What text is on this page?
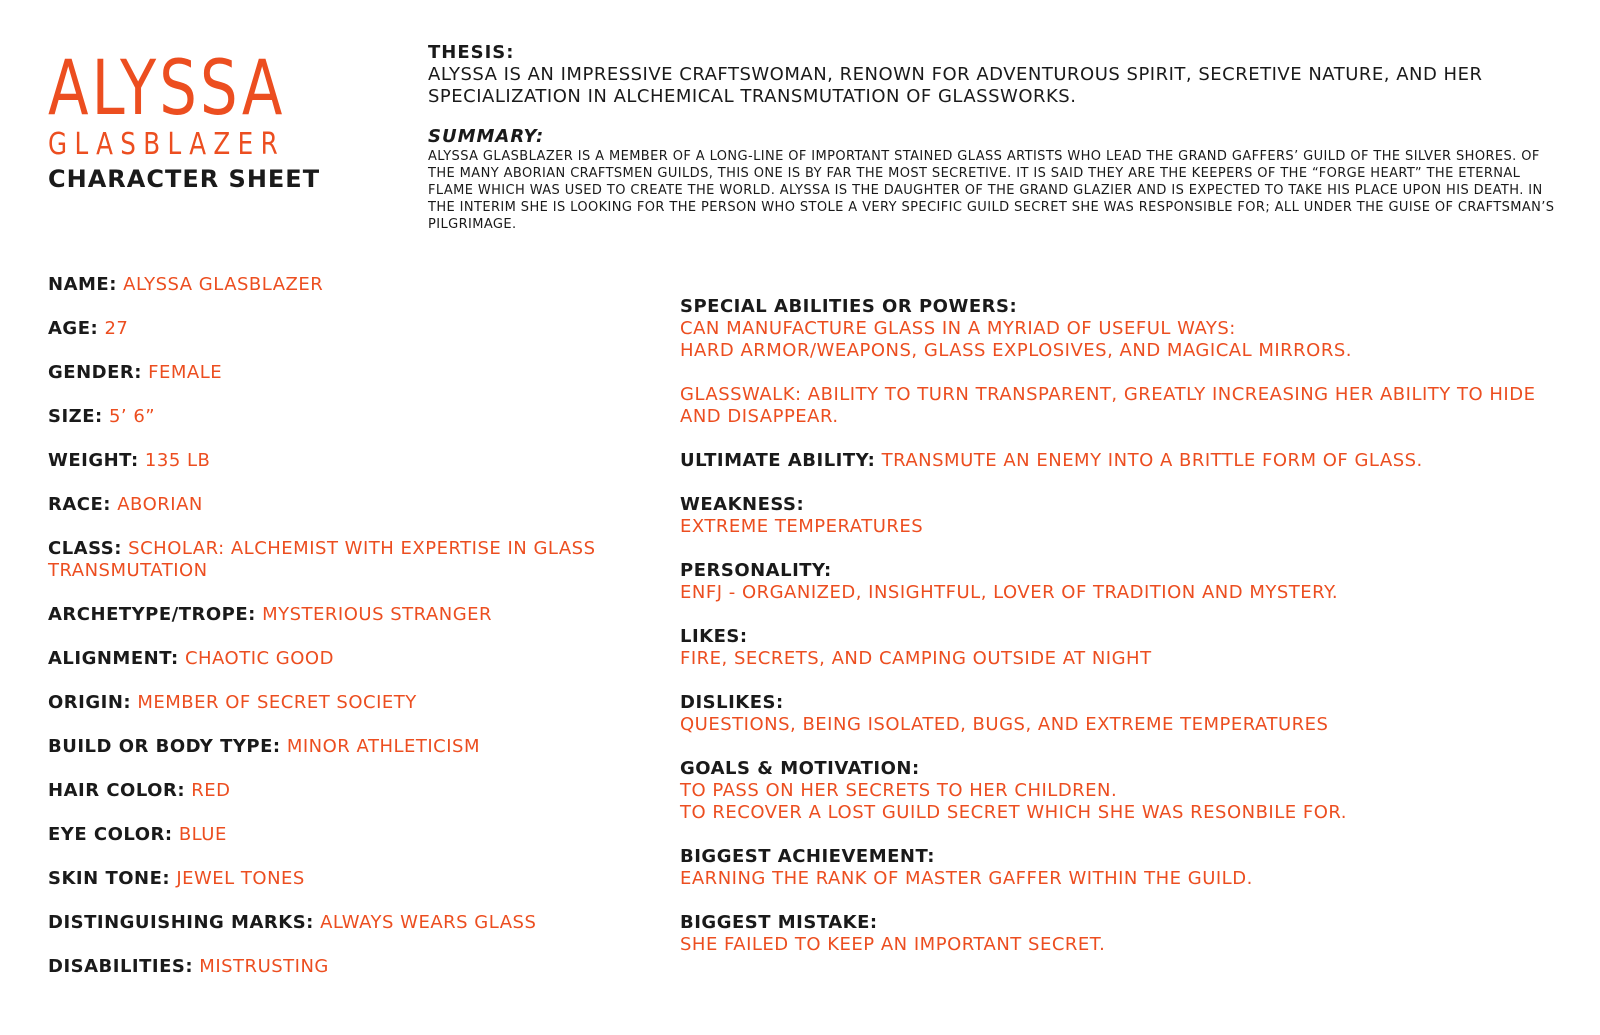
ALYSSA
GLASBLAZER
CHARACTER SHEET
THESIS:

ALYSSA IS AN IMPRESSIVE CRAFTSWOMAN, RENOWN FOR ADVENTUROUS SPIRIT, SECRETIVE NATURE, AND HER SPECIALIZATION IN ALCHEMICAL TRANSMUTATION OF GLASSWORKS.

SUMMARY:

ALYSSA GLASBLAZER IS A MEMBER OF A LONG-LINE OF IMPORTANT STAINED GLASS ARTISTS WHO LEAD THE GRAND GAFFERS’ GUILD OF THE SILVER SHORES. OF THE MANY ABORIAN CRAFTSMEN GUILDS, THIS ONE IS BY FAR THE MOST SECRETIVE. IT IS SAID THEY ARE THE KEEPERS OF THE “FORGE HEART” THE ETERNAL FLAME WHICH WAS USED TO CREATE THE WORLD. ALYSSA IS THE DAUGHTER OF THE GRAND GLAZIER AND IS EXPECTED TO TAKE HIS PLACE UPON HIS DEATH. IN THE INTERIM SHE IS LOOKING FOR THE PERSON WHO STOLE A VERY SPECIFIC GUILD SECRET SHE WAS RESPONSIBLE FOR; ALL UNDER THE GUISE OF CRAFTSMAN’S PILGRIMAGE.

NAME: ALYSSA GLASBLAZER
AGE: 27
GENDER: FEMALE
SIZE: 5’ 6”
WEIGHT: 135 LB
RACE: ABORIAN
CLASS: SCHOLAR: ALCHEMIST WITH EXPERTISE IN GLASS TRANSMUTATION
ARCHETYPE/TROPE: MYSTERIOUS STRANGER
ALIGNMENT: CHAOTIC GOOD
ORIGIN: MEMBER OF SECRET SOCIETY
BUILD OR BODY TYPE: MINOR ATHLETICISM
HAIR COLOR: RED
EYE COLOR: BLUE
SKIN TONE: JEWEL TONES
DISTINGUISHING MARKS: ALWAYS WEARS GLASS
DISABILITIES: MISTRUSTING
SPECIAL ABILITIES OR POWERS:
CAN MANUFACTURE GLASS IN A MYRIAD OF USEFUL WAYS:
HARD ARMOR/WEAPONS, GLASS EXPLOSIVES, AND MAGICAL MIRRORS.
GLASSWALK: ABILITY TO TURN TRANSPARENT, GREATLY INCREASING HER ABILITY TO HIDE AND DISAPPEAR.
ULTIMATE ABILITY: TRANSMUTE AN ENEMY INTO A BRITTLE FORM OF GLASS.
WEAKNESS:
EXTREME TEMPERATURES
PERSONALITY:
ENFJ - ORGANIZED, INSIGHTFUL, LOVER OF TRADITION AND MYSTERY.
LIKES:
FIRE, SECRETS, AND CAMPING OUTSIDE AT NIGHT
DISLIKES:
QUESTIONS, BEING ISOLATED, BUGS, AND EXTREME TEMPERATURES
GOALS & MOTIVATION:
TO PASS ON HER SECRETS TO HER CHILDREN.
TO RECOVER A LOST GUILD SECRET WHICH SHE WAS RESONBILE FOR.
BIGGEST ACHIEVEMENT:
EARNING THE RANK OF MASTER GAFFER WITHIN THE GUILD.
BIGGEST MISTAKE:
SHE FAILED TO KEEP AN IMPORTANT SECRET.
